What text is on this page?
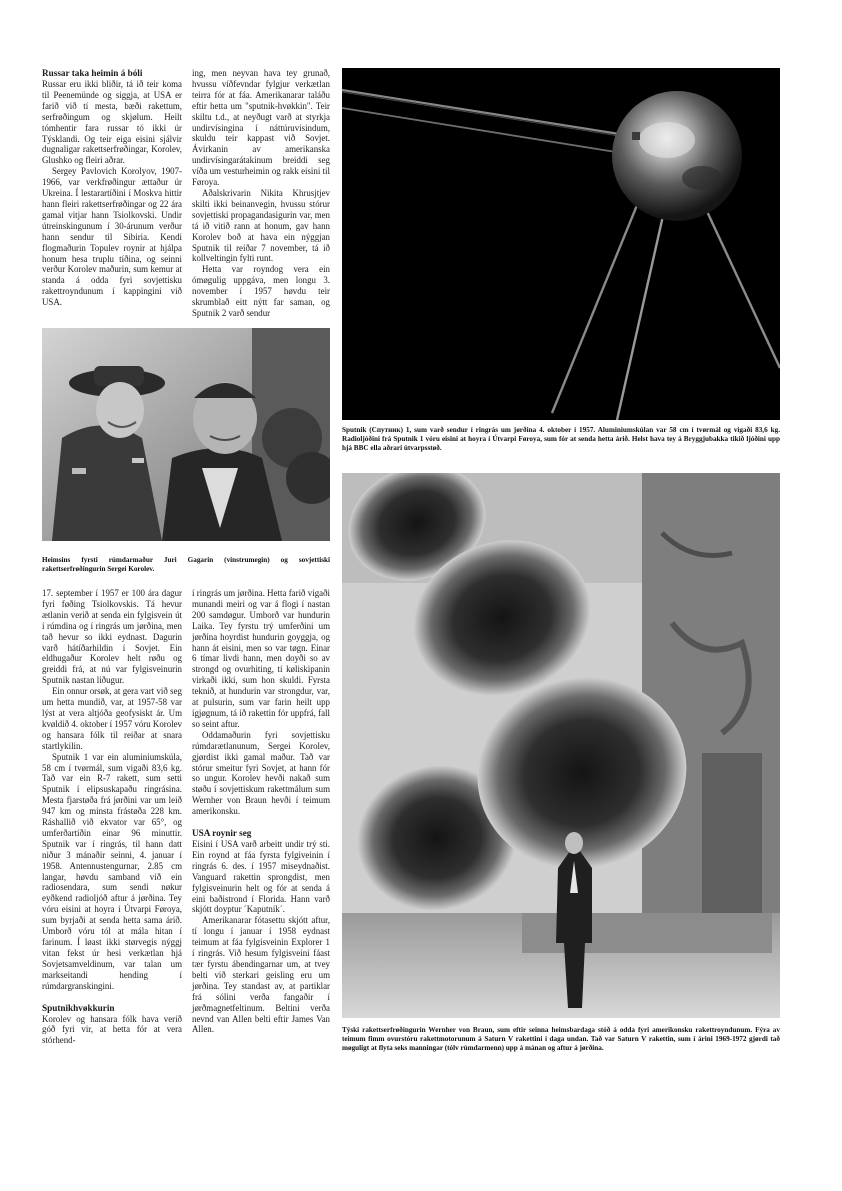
Russar taka heimin á bóli

Russar eru ikki bliðir, tá ið teir koma til Peenemünde og siggja, at USA er farið við tí mesta, bæði rakettum, serfrøðingum og skjølum. Heilt tómhentir fara russar tó ikki úr Týsklandi. Og teir eiga eisini sjálvir dugnaligar rakettserfrøðingar, Korolev, Glushko og fleiri aðrar.

Sergey Pavlovich Korolyov, 1907-1966, var verkfrøðingur ættaður úr Ukreina. Í lestarartíðini í Moskva hittir hann fleiri rakettserfrøðingar og 22 ára gamal vitjar hann Tsiolkovski. Undir útreinskingunum í 30-árunum verður hann sendur til Sibiria. Kendi flogmaðurin Topulev roynir at hjálpa honum hesa truplu tíðina, og seinni verður Korolev maðurin, sum kemur at standa á odda fyri sovjettisku rakettroyndunum í kappingini við USA.

ing, men neyvan hava tey grunað, hvussu víðfevndar fylgjur verkætlan teirra fór at fáa. Amerikanarar taláðu eftir hetta um "sputnik-hvøkkin". Teir skiltu t.d., at neyðugt varð at styrkja undirvísingina í náttúruvísindum, skuldu teir kappast við Sovjet. Ávirkanin av amerikanska undirvísingarátakinum breiddi seg víða um vesturheimin og rakk eisini til Føroya.

Aðalskrivarin Nikita Khrusjtjev skilti ikki beinanvegin, hvussu stórur sovjettiski propagandasigurin var, men tá ið vitið rann at honum, gav hann Korolev boð at hava ein nýggjan Sputnik til reiðar 7 november, tá ið kollveltingin fylti runt.

Hetta var royndog vera ein ómøgulig uppgáva, men longu 3. november í 1957 høvdu teir skrumblað eitt nýtt far saman, og Sputnik 2 varð sendur

Sputnik (Спутник) 1, sum varð sendur í ringrás um jørðina 4. oktober í 1957. Aluminiumskúlan var 58 cm í tvørmál og vigaði 83,6 kg. Radioljóðini frá Sputnik 1 vóru eisini at hoyra í Útvarpi Føroya, sum fór at senda hetta árið. Helst hava tey á Bryggjubakka tikið ljóðini upp hjá BBC ella aðrari útvarpsstøð.
Heimsins fyrsti rúmdarmaður Juri Gagarin (vinstrumegin) og sovjettiski rakettserfrøðingurin Sergei Korolev.

17. september í 1957 er 100 ára dagur fyri føðing Tsiolkovskis. Tá hevur ætlanin verið at senda ein fylgisvein út í rúmdina og í ringrás um jørðina, men tað hevur so ikki eydnast. Dagurin varð hátíðarhildin í Sovjet. Ein eldhugaður Korolev helt røðu og greiddi frá, at nú var fylgisveinurin Sputnik nastan liðugur.

Ein onnur orsøk, at gera vart við seg um hetta mundið, var, at 1957-58 var lýst at vera altjóða geofysiskt ár. Um kvøldið 4. oktober í 1957 vóru Korolev og hansara fólk til reiðar at snara startlykilin.

Sputnik 1 var ein aluminiumskúla, 58 cm í tvørmál, sum vigaði 83,6 kg. Tað var ein R-7 rakett, sum setti Sputnik í elipsuskapaðu ringrásina. Mesta fjarstøða frá jørðini var um leið 947 km og minsta frástøða 228 km. Ráshallið við ekvator var 65°, og umferðartíðin einar 96 minuttir. Sputnik var í ringrás, til hann datt niður 3 mánaðir seinni, 4. januar í 1958. Antennustengurnar, 2.85 cm langar, høvdu samband við ein radiosendara, sum sendi nøkur eyðkend radioljóð aftur á jørðina. Tey vóru eisini at hoyra í Útvarpi Føroya, sum byrjaði at senda hetta sama árið. Umborð vóru tól at mála hitan í farinum. Í løast ikki størvegis nýggj vitan fekst úr hesi verkætlan hjá Sovjetsamveldinum, var talan um markseitandi hending í rúmdargranskingini.

Sputnikhvøkkurin

Korolev og hansara fólk hava verið góð fyri vir, at hetta fór at vera stórhend-

í ringrás um jørðina. Hetta farið vigaði munandi meiri og var á flogi í nastan 200 samdøgur. Umborð var hundurin Laika. Tey fyrstu trý umferðini um jørðina hoyrdist hundurin goyggja, og hann át eisini, men so var tøgn. Einar 6 tímar livdi hann, men doyði so av strongd og ovurhiting, tí køliskipanin virkaði ikki, sum hon skuldi. Fyrsta teknið, at hundurin var strongdur, var, at pulsurin, sum var farin heilt upp ígjøgnum, tá ið rakettin fór uppfrá, fall so seint aftur.

Oddamaðurin fyri sovjettisku rúmdarætlanunum, Sergei Korolev, gjørdist ikki gamal maður. Tað var stórur smeitur fyri Sovjet, at hann fór so ungur. Korolev hevði nakað sum støðu í sovjettiskum rakettmálum sum Wernher von Braun hevði í teimum amerikonsku.

USA roynir seg

Eisini í USA varð arbeitt undir trý sti. Ein roynd at fáa fyrsta fylgiveinin í ringrás 6. des. í 1957 miseydnaðist. Vanguard rakettin sprongdist, men fylgisveinurin helt og fór at senda á eini baðistrond í Florida. Hann varð skjótt doyptur ´Kaputnik´.

Amerikanarar fótasettu skjótt aftur, tí longu í januar í 1958 eydnast teimum at fáa fylgisveinin Explorer 1 í ringrás. Við hesum fylgisveini fáast tær fyrstu ábendingarnar um, at tvey belti við sterkari geisling eru um jørðina. Tey standast av, at partiklar frá sólini verða fangaðir í jørðmagnetfeltinum. Beltini verða nevnd van Allen belti eftir James Van Allen.	Týski rakettserfrøðingurin Wernher von Braun, sum eftir seinna heimsbardaga stóð á odda fyri amerikonsku rakettroyndunum. Fýra av teimum fimm ovurstóru rakettmotorunum á Saturn V rakettini í daga undan. Tað var Saturn V rakettin, sum í árini 1969-1972 gjørdi tað møguligt at flyta seks manningar (tólv rúmdarmenn) upp á mánan og aftur á jørðina.
